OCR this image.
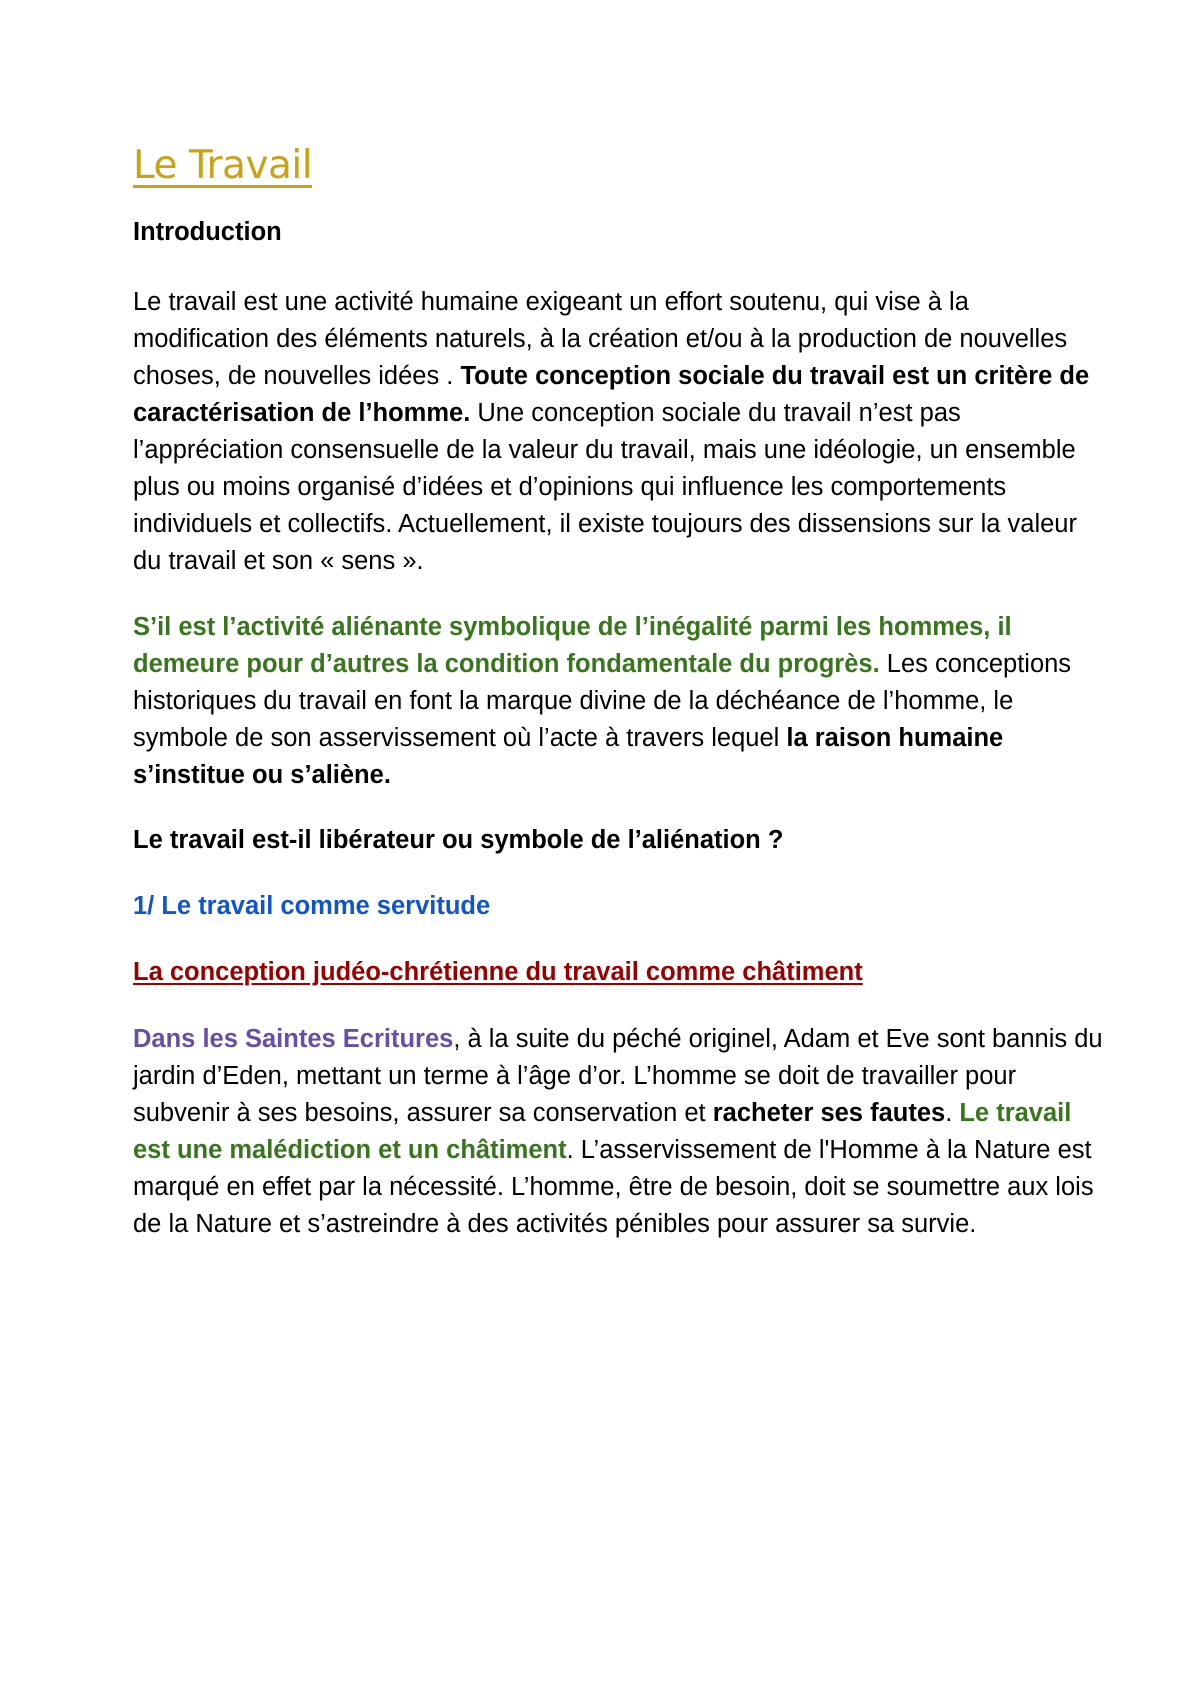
Le Travail
Introduction

Le travail est une activité humaine exigeant un effort soutenu, qui vise à la modification des éléments naturels, à la création et/ou à la production de nouvelles choses, de nouvelles idées . Toute conception sociale du travail est un critère de caractérisation de l’homme. Une conception sociale du travail n’est pas l’appréciation consensuelle de la valeur du travail, mais une idéologie, un ensemble plus ou moins organisé d’idées et d’opinions qui influence les comportements individuels et collectifs. Actuellement, il existe toujours des dissensions sur la valeur du travail et son « sens ».

S’il est l’activité aliénante symbolique de l’inégalité parmi les hommes, il demeure pour d’autres la condition fondamentale du progrès. Les conceptions historiques du travail en font la marque divine de la déchéance de l’homme, le symbole de son asservissement où l’acte à travers lequel la raison humaine s’institue ou s’aliène.

Le travail est-il libérateur ou symbole de l’aliénation ?

1/ Le travail comme servitude

La conception judéo-chrétienne du travail comme châtiment

Dans les Saintes Ecritures, à la suite du péché originel, Adam et Eve sont bannis du jardin d’Eden, mettant un terme à l’âge d’or. L’homme se doit de travailler pour subvenir à ses besoins, assurer sa conservation et racheter ses fautes. Le travail est une malédiction et un châtiment. L’asservissement de l'Homme à la Nature est marqué en effet par la nécessité. L’homme, être de besoin, doit se soumettre aux lois de la Nature et s’astreindre à des activités pénibles pour assurer sa survie.
